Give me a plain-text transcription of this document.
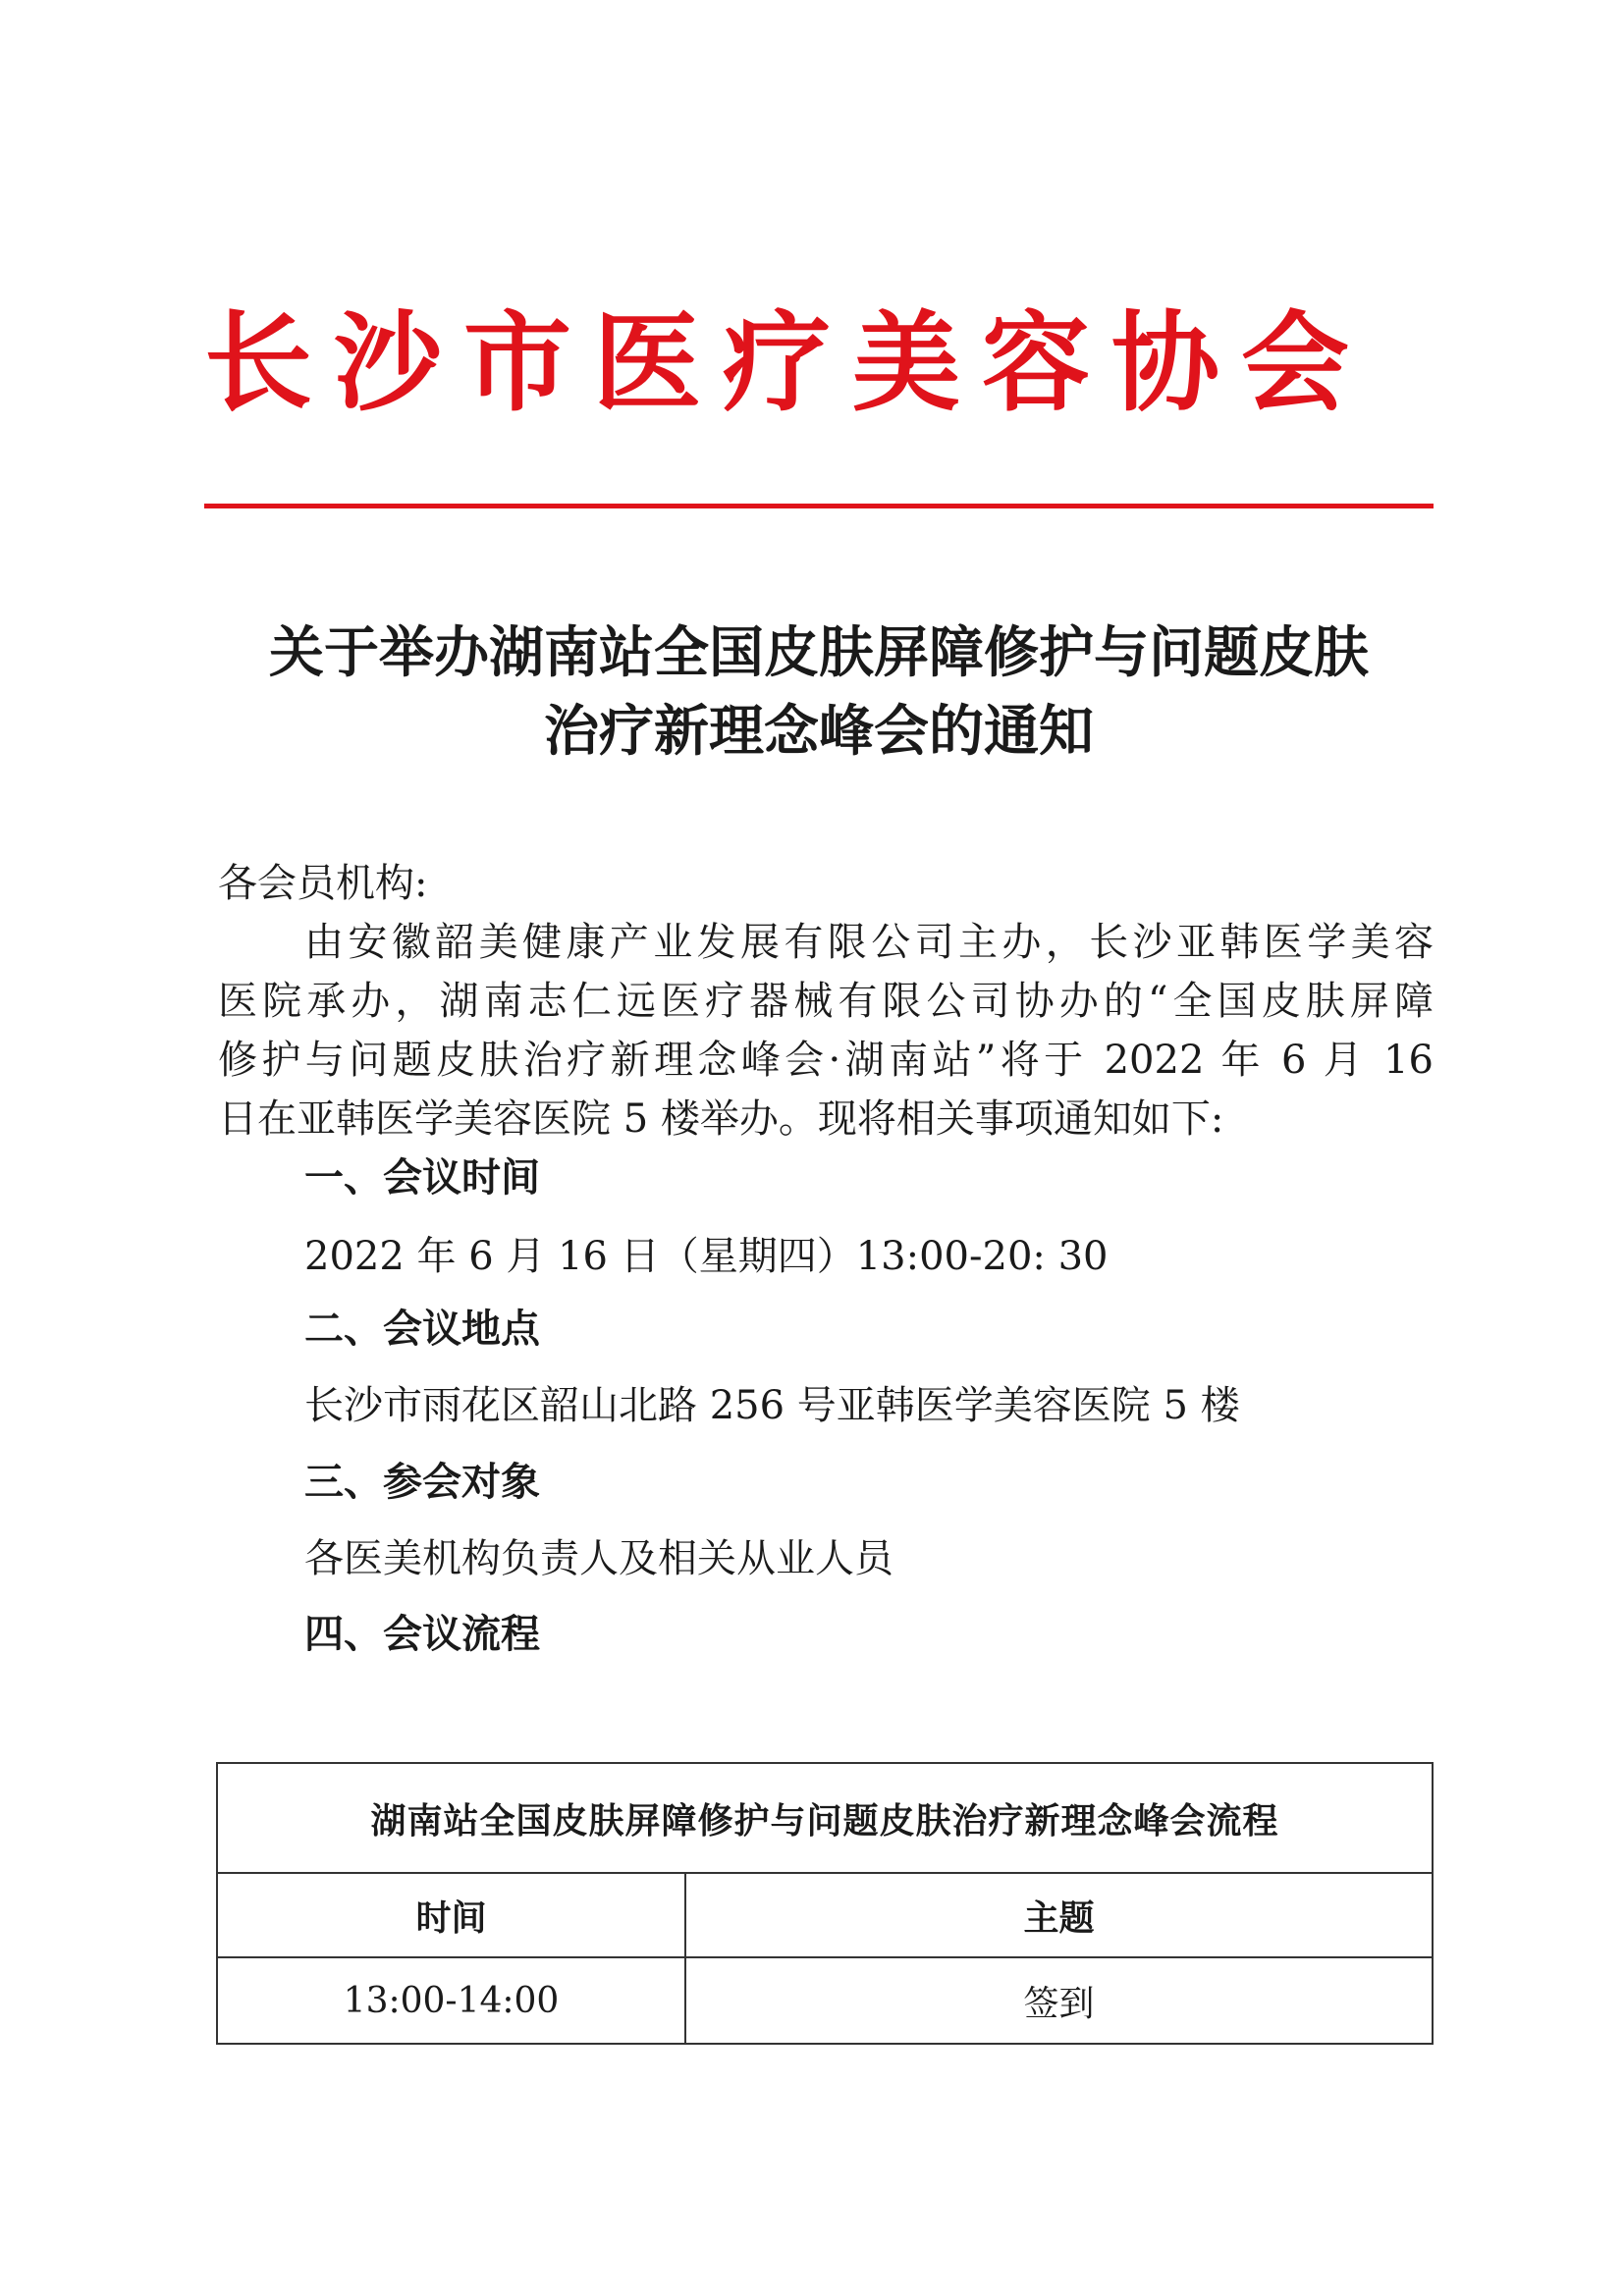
长沙市医疗美容协会
关于举办湖南站全国皮肤屏障修护与问题皮肤
治疗新理念峰会的通知
各会员机构:
由安徽韶美健康产业发展有限公司主办，长沙亚韩医学美容
医院承办，湖南志仁远医疗器械有限公司协办的“全国皮肤屏障
修护与问题皮肤治疗新理念峰会·湖南站”将于 2022 年 6 月 16
日在亚韩医学美容医院 5 楼举办。现将相关事项通知如下:
一、会议时间
2022 年 6 月 16 日（星期四）13:00-20: 30
二、会议地点
长沙市雨花区韶山北路 256 号亚韩医学美容医院 5 楼
三、参会对象
各医美机构负责人及相关从业人员
四、会议流程
湖南站全国皮肤屏障修护与问题皮肤治疗新理念峰会流程	
时间	主题
13:00-14:00	签到
